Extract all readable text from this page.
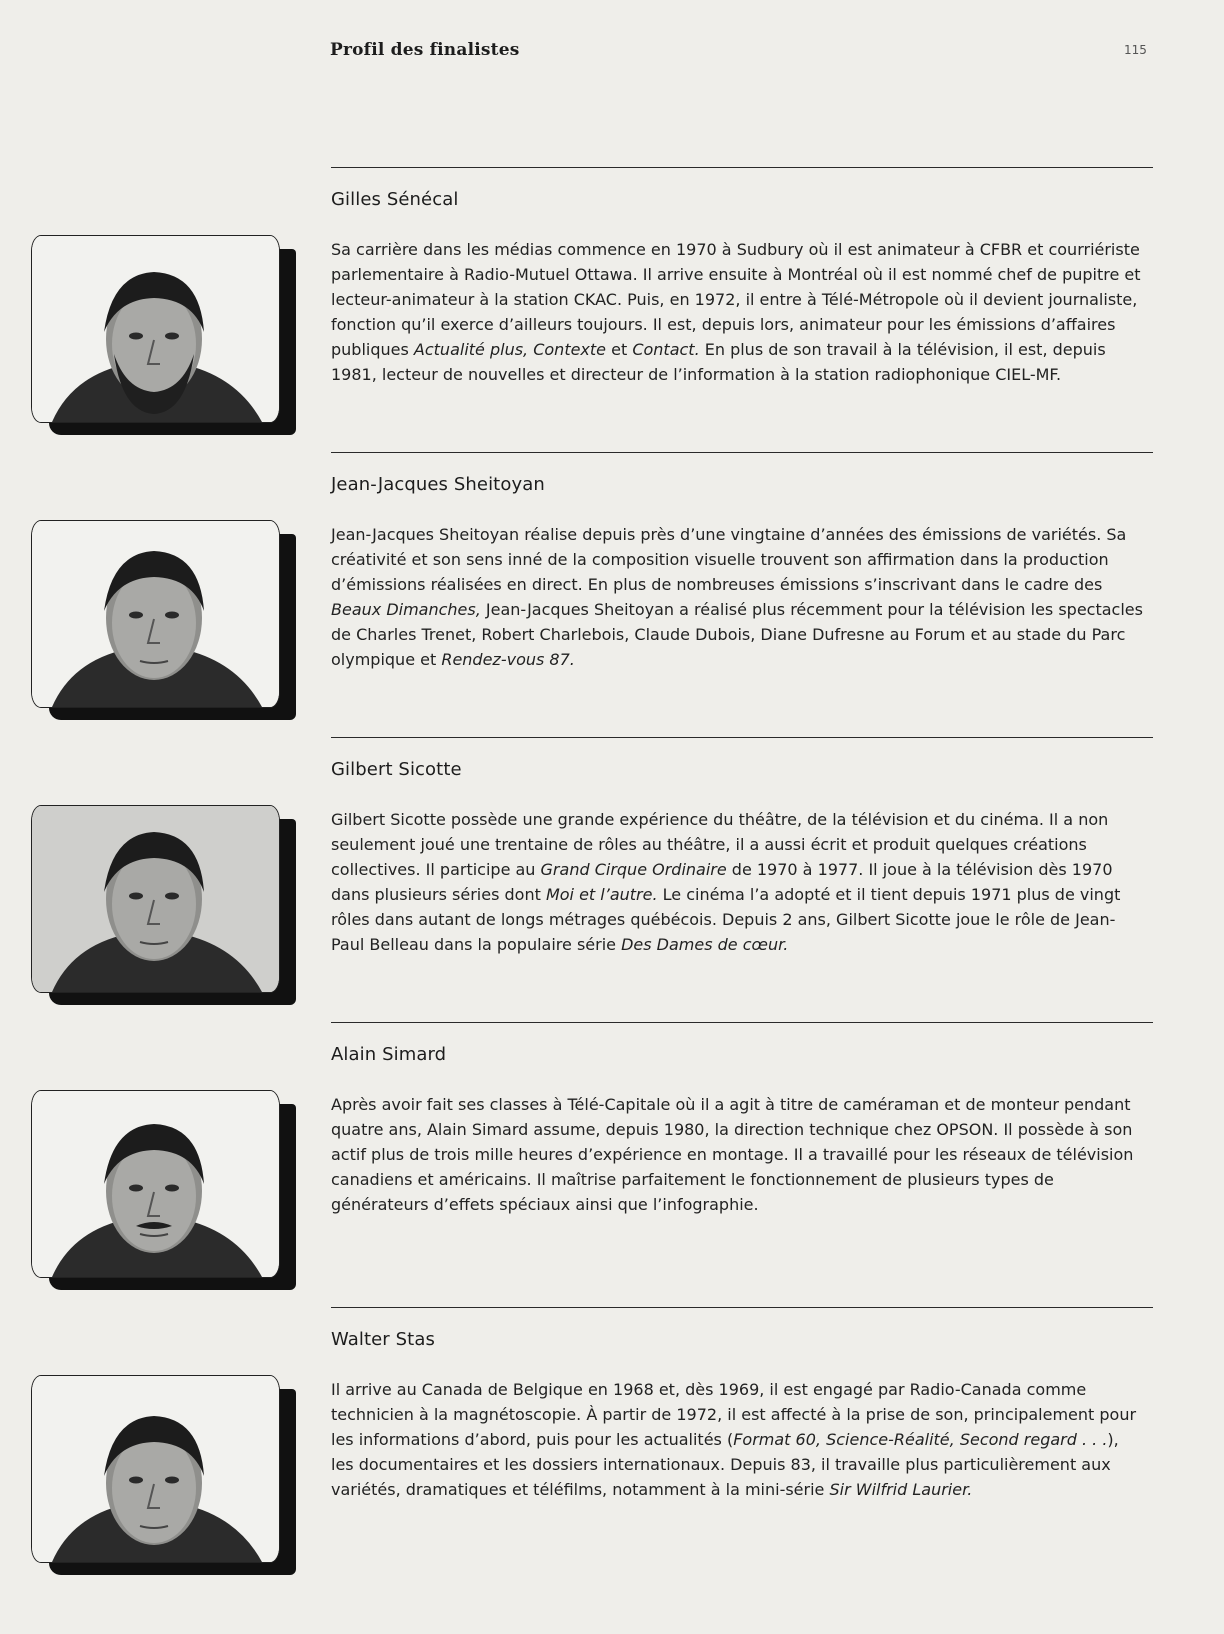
Profil des finalistes	115
Gilles Sénécal

Sa carrière dans les médias commence en 1970 à Sudbury où il est animateur à CFBR et courriériste parlementaire à Radio-Mutuel Ottawa. Il arrive ensuite à Montréal où il est nommé chef de pupitre et lecteur-animateur à la station CKAC. Puis, en 1972, il entre à Télé-Métropole où il devient journaliste, fonction qu’il exerce d’ailleurs toujours. Il est, depuis lors, animateur pour les émissions d’affaires publiques Actualité plus, Contexte et Contact. En plus de son travail à la télévision, il est, depuis 1981, lecteur de nouvelles et directeur de l’information à la station radiophonique CIEL-MF.

Jean-Jacques Sheitoyan

Jean-Jacques Sheitoyan réalise depuis près d’une vingtaine d’années des émissions de variétés. Sa créativité et son sens inné de la composition visuelle trouvent son affirmation dans la production d’émissions réalisées en direct. En plus de nombreuses émissions s’inscrivant dans le cadre des Beaux Dimanches, Jean-Jacques Sheitoyan a réalisé plus récemment pour la télévision les spectacles de Charles Trenet, Robert Charlebois, Claude Dubois, Diane Dufresne au Forum et au stade du Parc olympique et Rendez-vous 87.

Gilbert Sicotte

Gilbert Sicotte possède une grande expérience du théâtre, de la télévision et du cinéma. Il a non seulement joué une trentaine de rôles au théâtre, il a aussi écrit et produit quelques créations collectives. Il participe au Grand Cirque Ordinaire de 1970 à 1977. Il joue à la télévision dès 1970 dans plusieurs séries dont Moi et l’autre. Le cinéma l’a adopté et il tient depuis 1971 plus de vingt rôles dans autant de longs métrages québécois. Depuis 2 ans, Gilbert Sicotte joue le rôle de Jean-Paul Belleau dans la populaire série Des Dames de cœur.

Alain Simard

Après avoir fait ses classes à Télé-Capitale où il a agit à titre de caméraman et de monteur pendant quatre ans, Alain Simard assume, depuis 1980, la direction technique chez OPSON. Il possède à son actif plus de trois mille heures d’expérience en montage. Il a travaillé pour les réseaux de télévision canadiens et américains. Il maîtrise parfaitement le fonctionnement de plusieurs types de générateurs d’effets spéciaux ainsi que l’infographie.

Walter Stas

Il arrive au Canada de Belgique en 1968 et, dès 1969, il est engagé par Radio-Canada comme technicien à la magnétoscopie. À partir de 1972, il est affecté à la prise de son, principalement pour les informations d’abord, puis pour les actualités (Format 60, Science-Réalité, Second regard . . .), les documentaires et les dossiers internationaux. Depuis 83, il travaille plus particulièrement aux variétés, dramatiques et téléfilms, notamment à la mini-série Sir Wilfrid Laurier.
